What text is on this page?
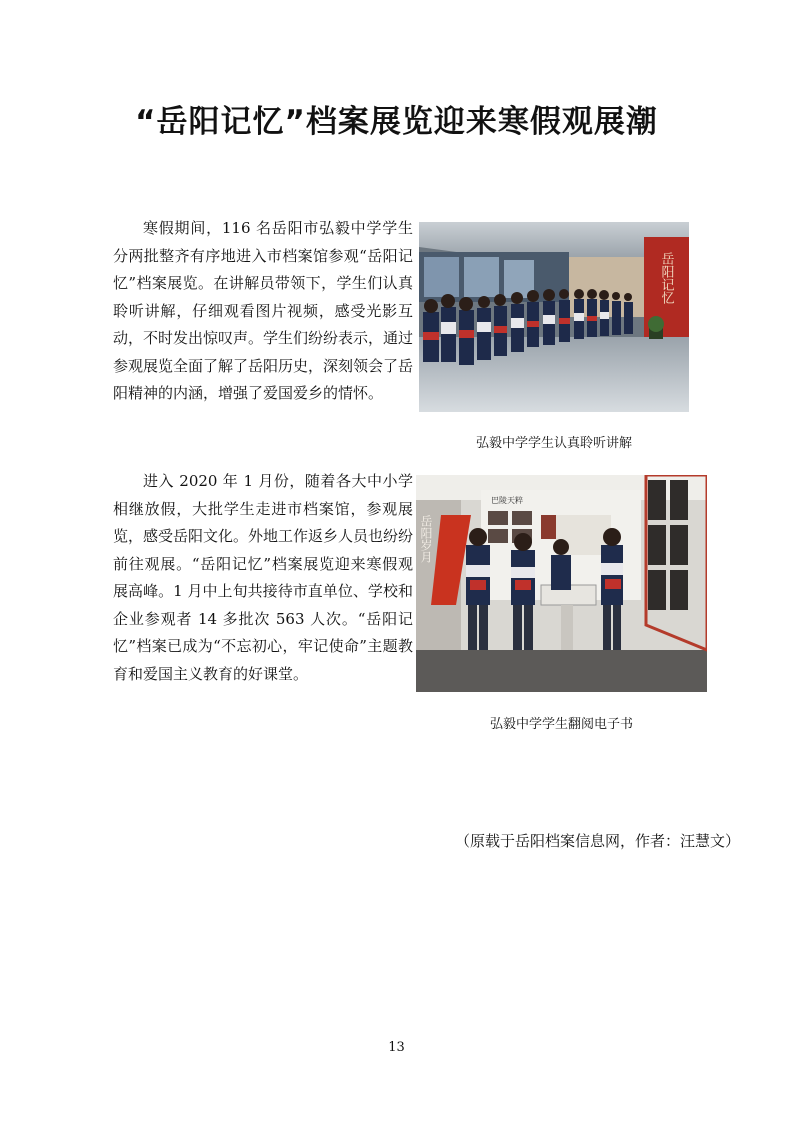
“岳阳记忆”档案展览迎来寒假观展潮

寒假期间，116 名岳阳市弘毅中学学生分两批整齐有序地进入市档案馆参观“岳阳记忆”档案展览。在讲解员带领下，学生们认真聆听讲解，仔细观看图片视频，感受光影互动，不时发出惊叹声。学生们纷纷表示，通过参观展览全面了解了岳阳历史，深刻领会了岳阳精神的内涵，增强了爱国爱乡的情怀。

进入 2020 年 1 月份，随着各大中小学相继放假，大批学生走进市档案馆，参观展览，感受岳阳文化。外地工作返乡人员也纷纷前往观展。“岳阳记忆”档案展览迎来寒假观展高峰。1 月中上旬共接待市直单位、学校和企业参观者 14 多批次 563 人次。“岳阳记忆”档案已成为“不忘初心，牢记使命”主题教育和爱国主义教育的好课堂。

岳阳记忆
弘毅中学学生认真聆听讲解
岳阳岁月
巴陵天粹
弘毅中学学生翻阅电子书
（原载于岳阳档案信息网，作者：汪慧文）
13
